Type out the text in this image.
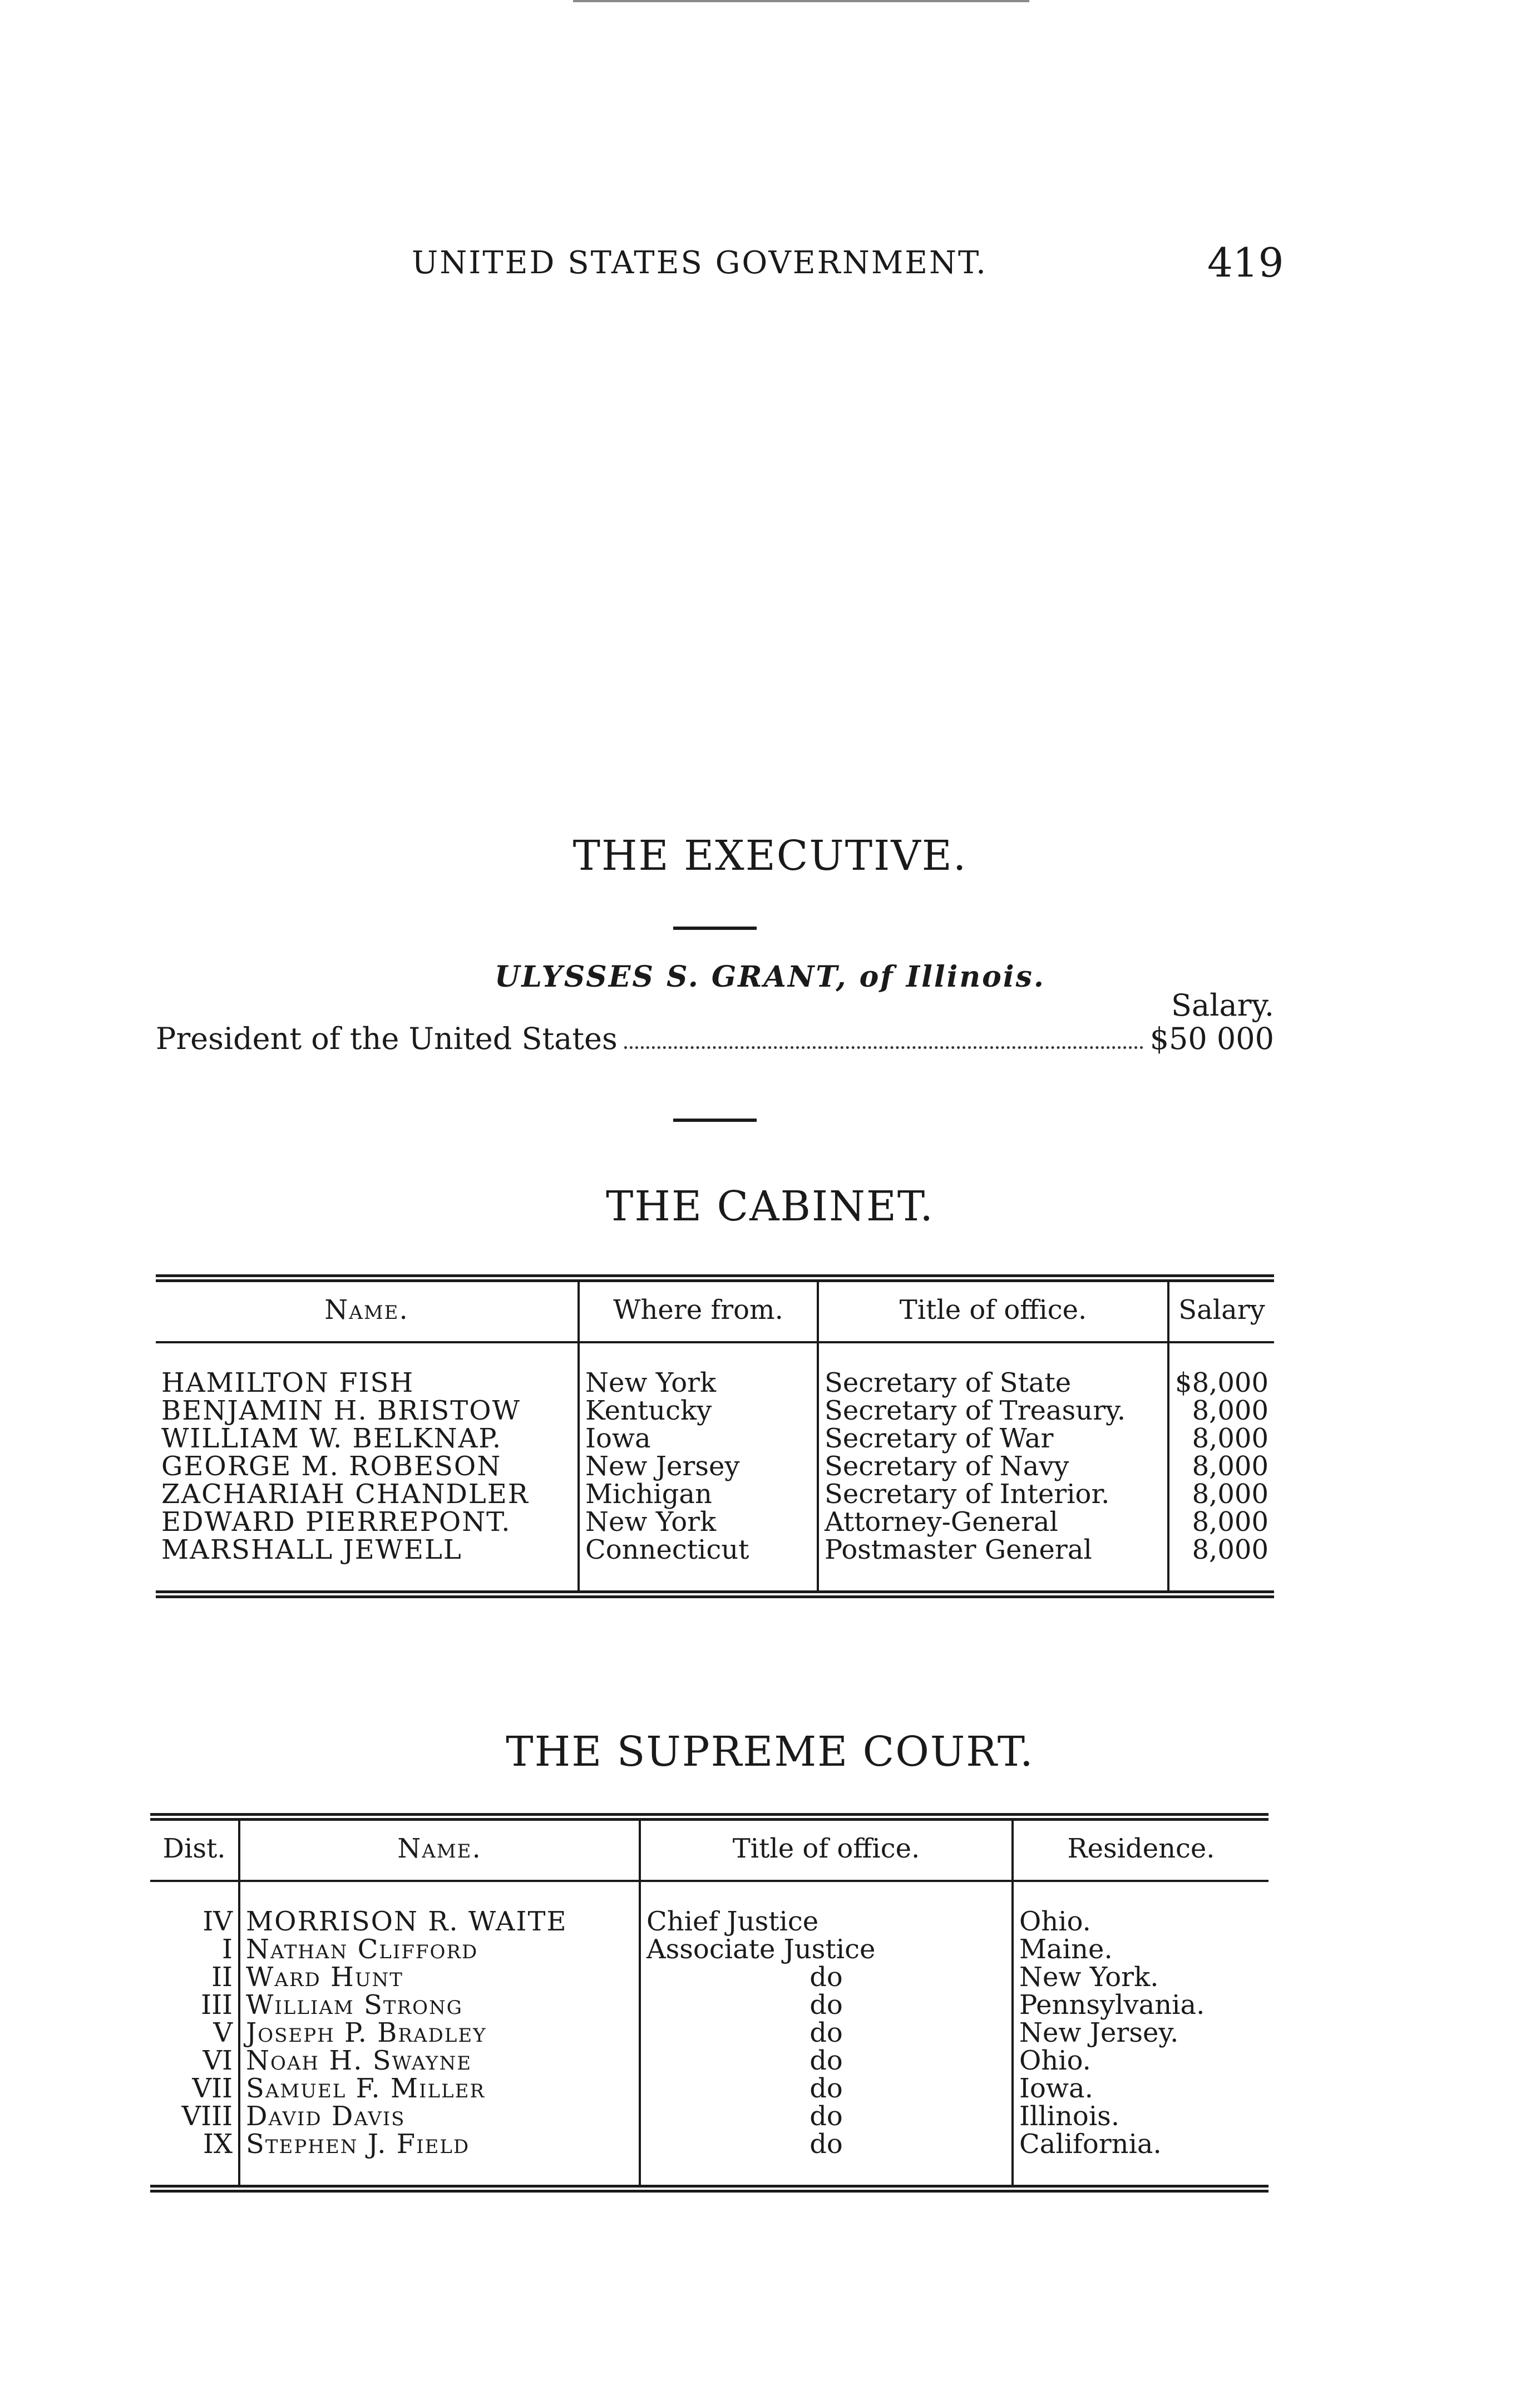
UNITED STATES GOVERNMENT.	419
THE EXECUTIVE.
ULYSSES S. GRANT, of Illinois.
Salary.
President of the United States	$50 000
THE CABINET.
Name.	Where from.	Title of office.	Salary

HAMILTON FISH	New York	Secretary of State	$8,000
BENJAMIN H. BRISTOW	Kentucky	Secretary of Treasury.	8,000
WILLIAM W. BELKNAP.	Iowa	Secretary of War	8,000
GEORGE M. ROBESON	New Jersey	Secretary of Navy	8,000
ZACHARIAH CHANDLER	Michigan	Secretary of Interior.	8,000
EDWARD PIERREPONT.	New York	Attorney-General	8,000
MARSHALL JEWELL	Connecticut	Postmaster General	8,000

THE SUPREME COURT.
Dist.	Name.	Title of office.	Residence.

IV	MORRISON R. WAITE	Chief Justice	Ohio.
I	Nathan Clifford	Associate Justice	Maine.
II	Ward Hunt	do	New York.
III	William Strong	do	Pennsylvania.
V	Joseph P. Bradley	do	New Jersey.
VI	Noah H. Swayne	do	Ohio.
VII	Samuel F. Miller	do	Iowa.
VIII	David Davis	do	Illinois.
IX	Stephen J. Field	do	California.
